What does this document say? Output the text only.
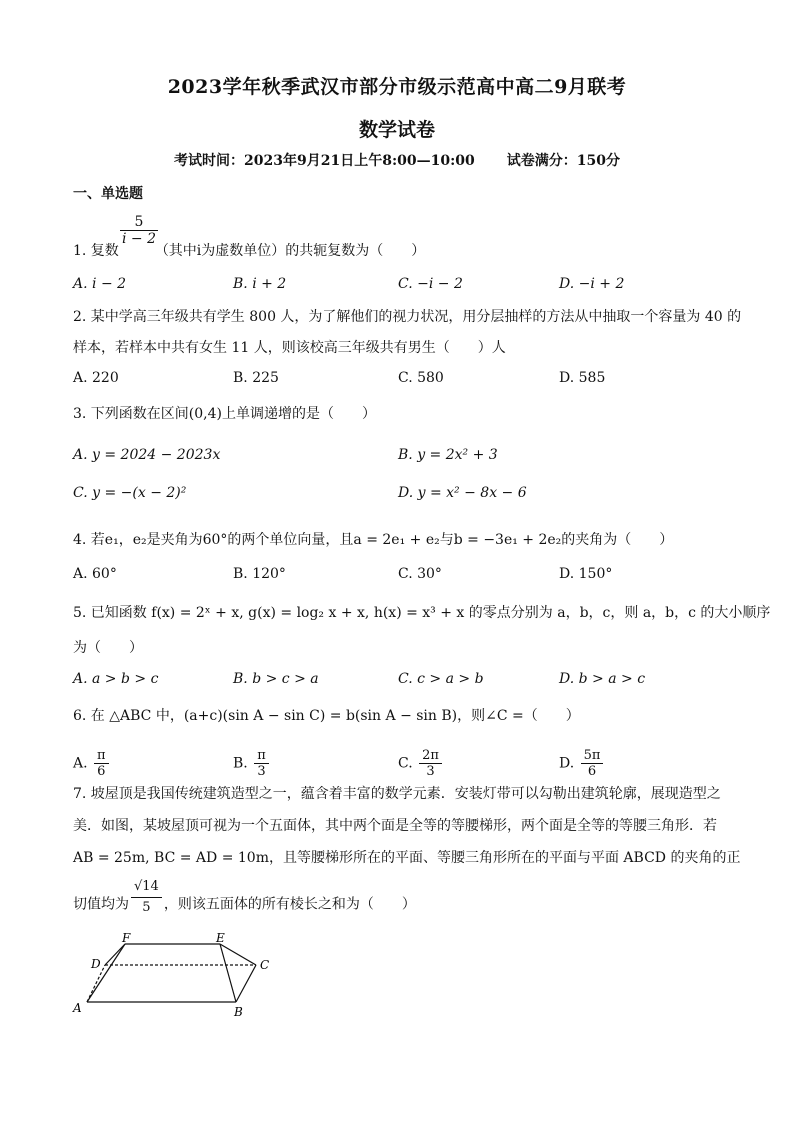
2023学年秋季武汉市部分市级示范高中高二9月联考
数学试卷
考试时间：2023年9月21日上午8:00—10:00 试卷满分：150分
一、单选题
$\frac{5}{i - 2}$
1. 复数	（其中i为虚数单位）的共轭复数为（　　）
A. i − 2	B. i + 2	C. −i − 2	D. −i + 2
2. 某中学高三年级共有学生 800 人，为了解他们的视力状况，用分层抽样的方法从中抽取一个容量为 40 的
样本，若样本中共有女生 11 人，则该校高三年级共有男生（　　）人
A. 220	B. 225	C. 580	D. 585
3. 下列函数在区间(0,4)上单调递增的是（　　）
A. y = 2024 − 2023x	B. y = 2x² + 3
C. y = −(x − 2)²	D. y = x² − 8x − 6
4. 若e₁，e₂是夹角为60°的两个单位向量，且a = 2e₁ + e₂与b = −3e₁ + 2e₂的夹角为（　　）
A. 60°	B. 120°	C. 30°	D. 150°
5. 已知函数 f(x) = 2ˣ + x, g(x) = log₂ x + x, h(x) = x³ + x 的零点分别为 a，b，c，则 a，b，c 的大小顺序
为（　　）
A. a > b > c	B. b > c > a	C. c > a > b	D. b > a > c
6. 在 △ABC 中，(a+c)(sin A − sin C) = b(sin A − sin B)，则∠C =（　　）
A. $\frac{\pi}{6}$	B. $\frac{\pi}{3}$	C. $\frac{2\pi}{3}$	D. $\frac{5\pi}{6}$
7. 坡屋顶是我国传统建筑造型之一，蕴含着丰富的数学元素．安装灯带可以勾勒出建筑轮廓，展现造型之
美．如图，某坡屋顶可视为一个五面体，其中两个面是全等的等腰梯形，两个面是全等的等腰三角形．若
AB = 25m, BC = AD = 10m，且等腰梯形所在的平面、等腰三角形所在的平面与平面 ABCD 的夹角的正
切值均为 $\frac{√14}{5}$ ，则该五面体的所有棱长之和为（　　）
A	B
C
D
E
F
